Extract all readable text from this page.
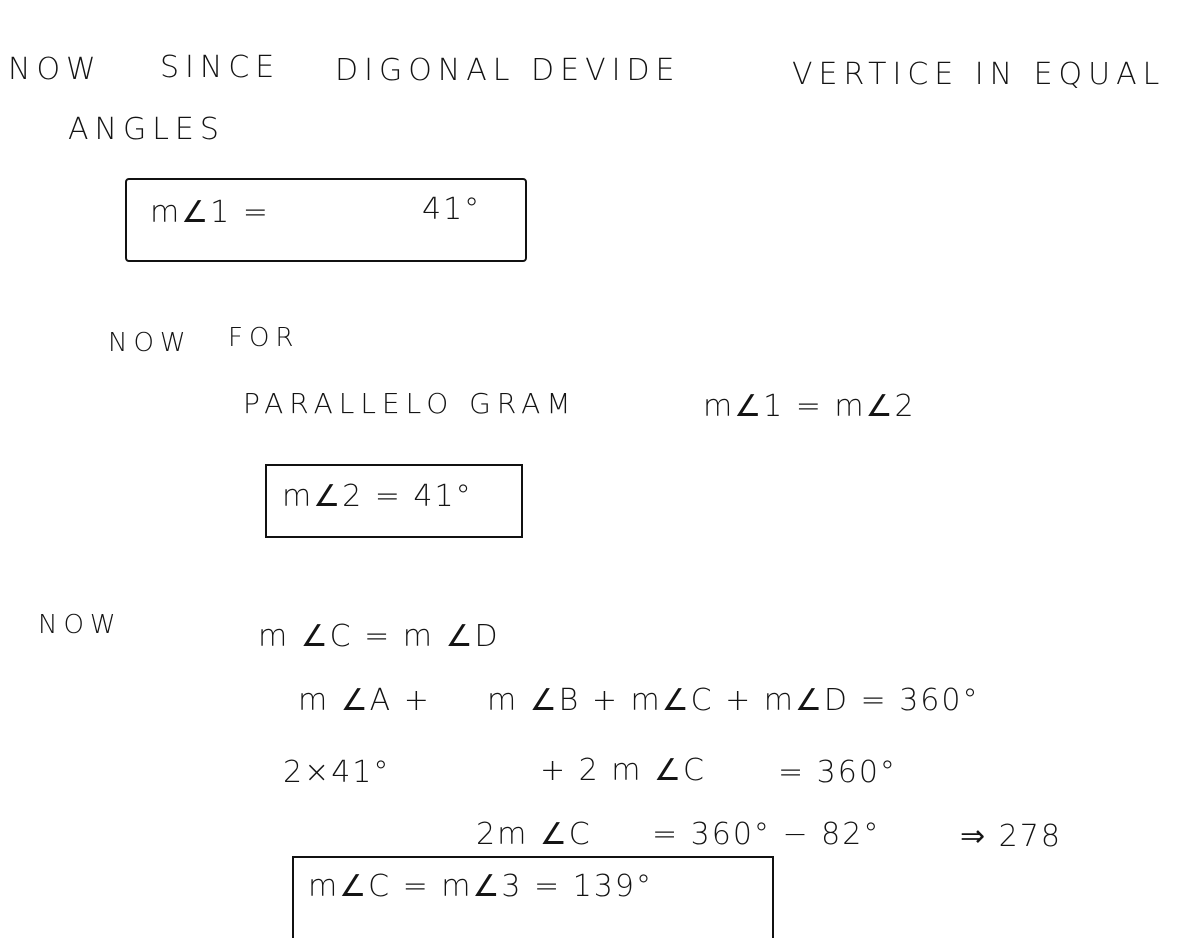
NOW SINCE DIGONAL DEVIDE	VERTICE IN EQUAL
ANGLES
m∠1 =	41°
NOW FOR
PARALLELO GRAM	m∠1 = m∠2
m∠2 = 41°
NOW	m ∠C = m ∠D
m ∠A + m ∠B + m∠C + m∠D = 360°
2×41°	+ 2 m ∠C = 360°
2m ∠C = 360° − 82°	⇒ 278
m∠C = m∠3 = 139°
